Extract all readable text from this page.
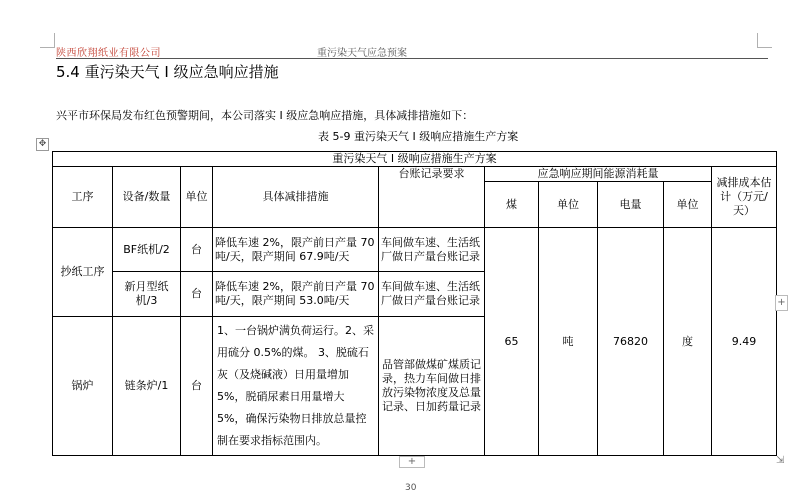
陕西欣翔纸业有限公司	重污染天气应急预案
5.4 重污染天气 I 级应急响应措施
兴平市环保局发布红色预警期间，本公司落实 I 级应急响应措施，具体减排措施如下：
表 5-9 重污染天气 I 级响应措施生产方案
✥
重污染天气 I 级响应措施生产方案									
工序	设备/数量	单位	具体减排措施	台账记录要求	应急响应期间能源消耗量				减排成本估计（万元/天）
					煤	单位	电量	单位	
抄纸工序	BF纸机/2	台	降低车速 2%，限产前日产量 70 吨/天，限产期间 67.9吨/天	车间做车速、生活纸厂做日产量台账记录	65	吨	76820	度	9.49
	新月型纸机/3	台	降低车速 2%，限产前日产量 70 吨/天，限产期间 53.0吨/天	车间做车速、生活纸厂做日产量台账记录					
锅炉	链条炉/1	台	1、一台锅炉满负荷运行。2、采用硫分 0.5%的煤。 3、脱硫石灰（及烧碱液）日用量增加 5%，脱硝尿素日用量增大 5%，确保污染物日排放总量控制在要求指标范围内。	品管部做煤矿煤质记录，热力车间做日排放污染物浓度及总量记录、日加药量记录					
+
+	⇲
30
